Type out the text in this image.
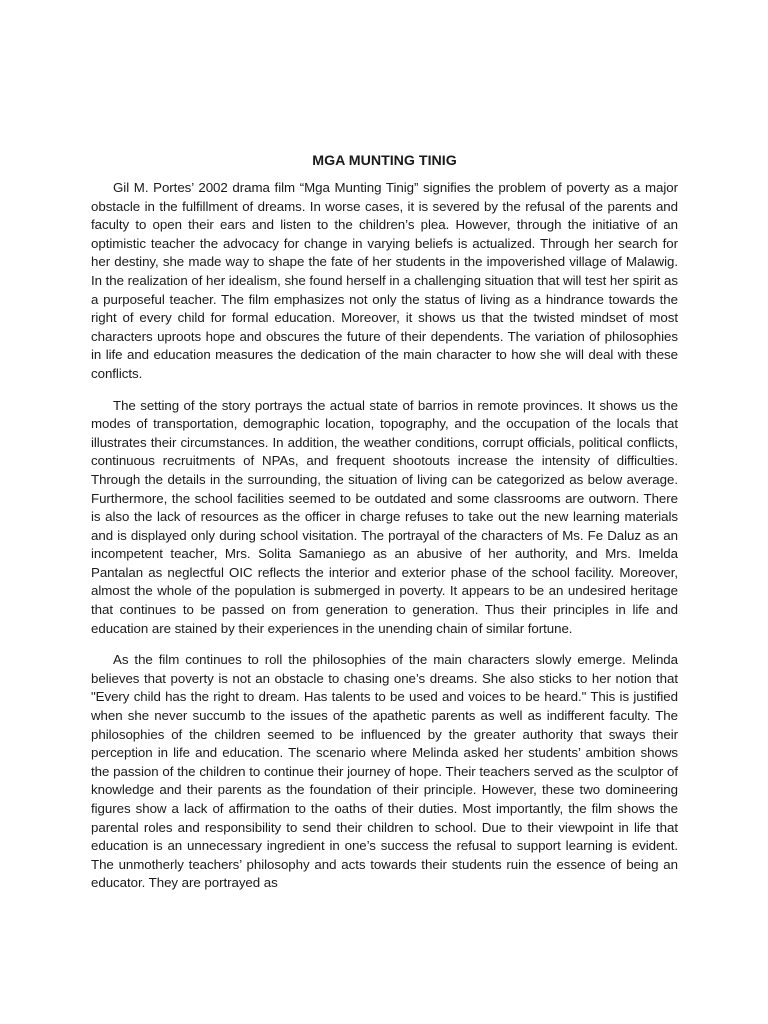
MGA MUNTING TINIG

Gil M. Portes’ 2002 drama film “Mga Munting Tinig” signifies the problem of poverty as a major obstacle in the fulfillment of dreams. In worse cases, it is severed by the refusal of the parents and faculty to open their ears and listen to the children’s plea. However, through the initiative of an optimistic teacher the advocacy for change in varying beliefs is actualized. Through her search for her destiny, she made way to shape the fate of her students in the impoverished village of Malawig. In the realization of her idealism, she found herself in a challenging situation that will test her spirit as a purposeful teacher. The film emphasizes not only the status of living as a hindrance towards the right of every child for formal education. Moreover, it shows us that the twisted mindset of most characters uproots hope and obscures the future of their dependents. The variation of philosophies in life and education measures the dedication of the main character to how she will deal with these conflicts.

The setting of the story portrays the actual state of barrios in remote provinces. It shows us the modes of transportation, demographic location, topography, and the occupation of the locals that illustrates their circumstances. In addition, the weather conditions, corrupt officials, political conflicts, continuous recruitments of NPAs, and frequent shootouts increase the intensity of difficulties. Through the details in the surrounding, the situation of living can be categorized as below average. Furthermore, the school facilities seemed to be outdated and some classrooms are outworn. There is also the lack of resources as the officer in charge refuses to take out the new learning materials and is displayed only during school visitation. The portrayal of the characters of Ms. Fe Daluz as an incompetent teacher, Mrs. Solita Samaniego as an abusive of her authority, and Mrs. Imelda Pantalan as neglectful OIC reflects the interior and exterior phase of the school facility. Moreover, almost the whole of the population is submerged in poverty. It appears to be an undesired heritage that continues to be passed on from generation to generation. Thus their principles in life and education are stained by their experiences in the unending chain of similar fortune.

As the film continues to roll the philosophies of the main characters slowly emerge. Melinda believes that poverty is not an obstacle to chasing one’s dreams. She also sticks to her notion that "Every child has the right to dream. Has talents to be used and voices to be heard." This is justified when she never succumb to the issues of the apathetic parents as well as indifferent faculty. The philosophies of the children seemed to be influenced by the greater authority that sways their perception in life and education. The scenario where Melinda asked her students’ ambition shows the passion of the children to continue their journey of hope. Their teachers served as the sculptor of knowledge and their parents as the foundation of their principle. However, these two domineering figures show a lack of affirmation to the oaths of their duties. Most importantly, the film shows the parental roles and responsibility to send their children to school. Due to their viewpoint in life that education is an unnecessary ingredient in one’s success the refusal to support learning is evident. The unmotherly teachers’ philosophy and acts towards their students ruin the essence of being an educator. They are portrayed as
